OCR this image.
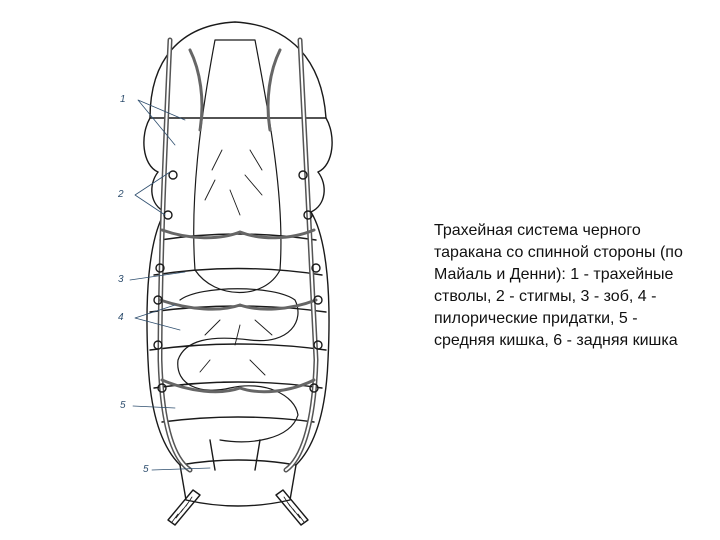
1
2
3
4
5
5
Трахейная система черного таракана со спинной стороны (по Майаль и Денни): 1 - трахейные стволы, 2 - стигмы, 3 - зоб, 4 - пилорические придатки, 5 - средняя кишка, 6 - задняя кишка
